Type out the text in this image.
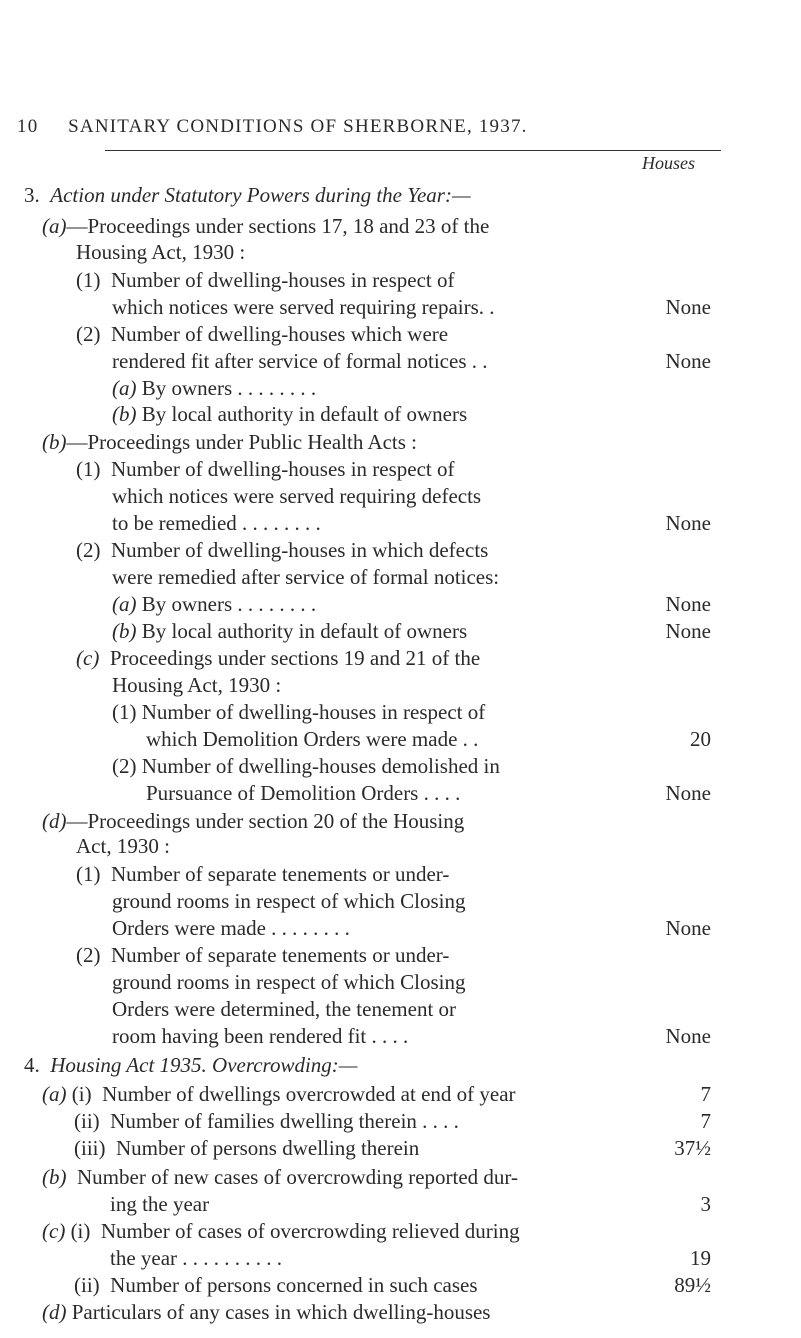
10 SANITARY CONDITIONS OF SHERBORNE, 1937.
Houses
3. Action under Statutory Powers during the Year:—
(a)—Proceedings under sections 17, 18 and 23 of the
Housing Act, 1930 :
(1) Number of dwelling-houses in respect of
which notices were served requiring repairs. .	None
(2) Number of dwelling-houses which were
rendered fit after service of formal notices . .	None
(a) By owners . . . . . . . .
(b) By local authority in default of owners
(b)—Proceedings under Public Health Acts :
(1) Number of dwelling-houses in respect of
which notices were served requiring defects
to be remedied . . . . . . . .	None
(2) Number of dwelling-houses in which defects
were remedied after service of formal notices:
(a) By owners . . . . . . . .	None
(b) By local authority in default of owners	None
(c) Proceedings under sections 19 and 21 of the
Housing Act, 1930 :
(1) Number of dwelling-houses in respect of
which Demolition Orders were made . .	20
(2) Number of dwelling-houses demolished in
Pursuance of Demolition Orders . . . .	None
(d)—Proceedings under section 20 of the Housing
Act, 1930 :
(1) Number of separate tenements or under-
ground rooms in respect of which Closing
Orders were made . . . . . . . .	None
(2) Number of separate tenements or under-
ground rooms in respect of which Closing
Orders were determined, the tenement or
room having been rendered fit . . . .	None
4. Housing Act 1935. Overcrowding:—
(a) (i) Number of dwellings overcrowded at end of year	7
(ii) Number of families dwelling therein . . . .	7
(iii) Number of persons dwelling therein	37½
(b) Number of new cases of overcrowding reported dur-
ing the year	3
(c) (i) Number of cases of overcrowding relieved during
the year . . . . . . . . . .	19
(ii) Number of persons concerned in such cases	89½
(d) Particulars of any cases in which dwelling-houses
